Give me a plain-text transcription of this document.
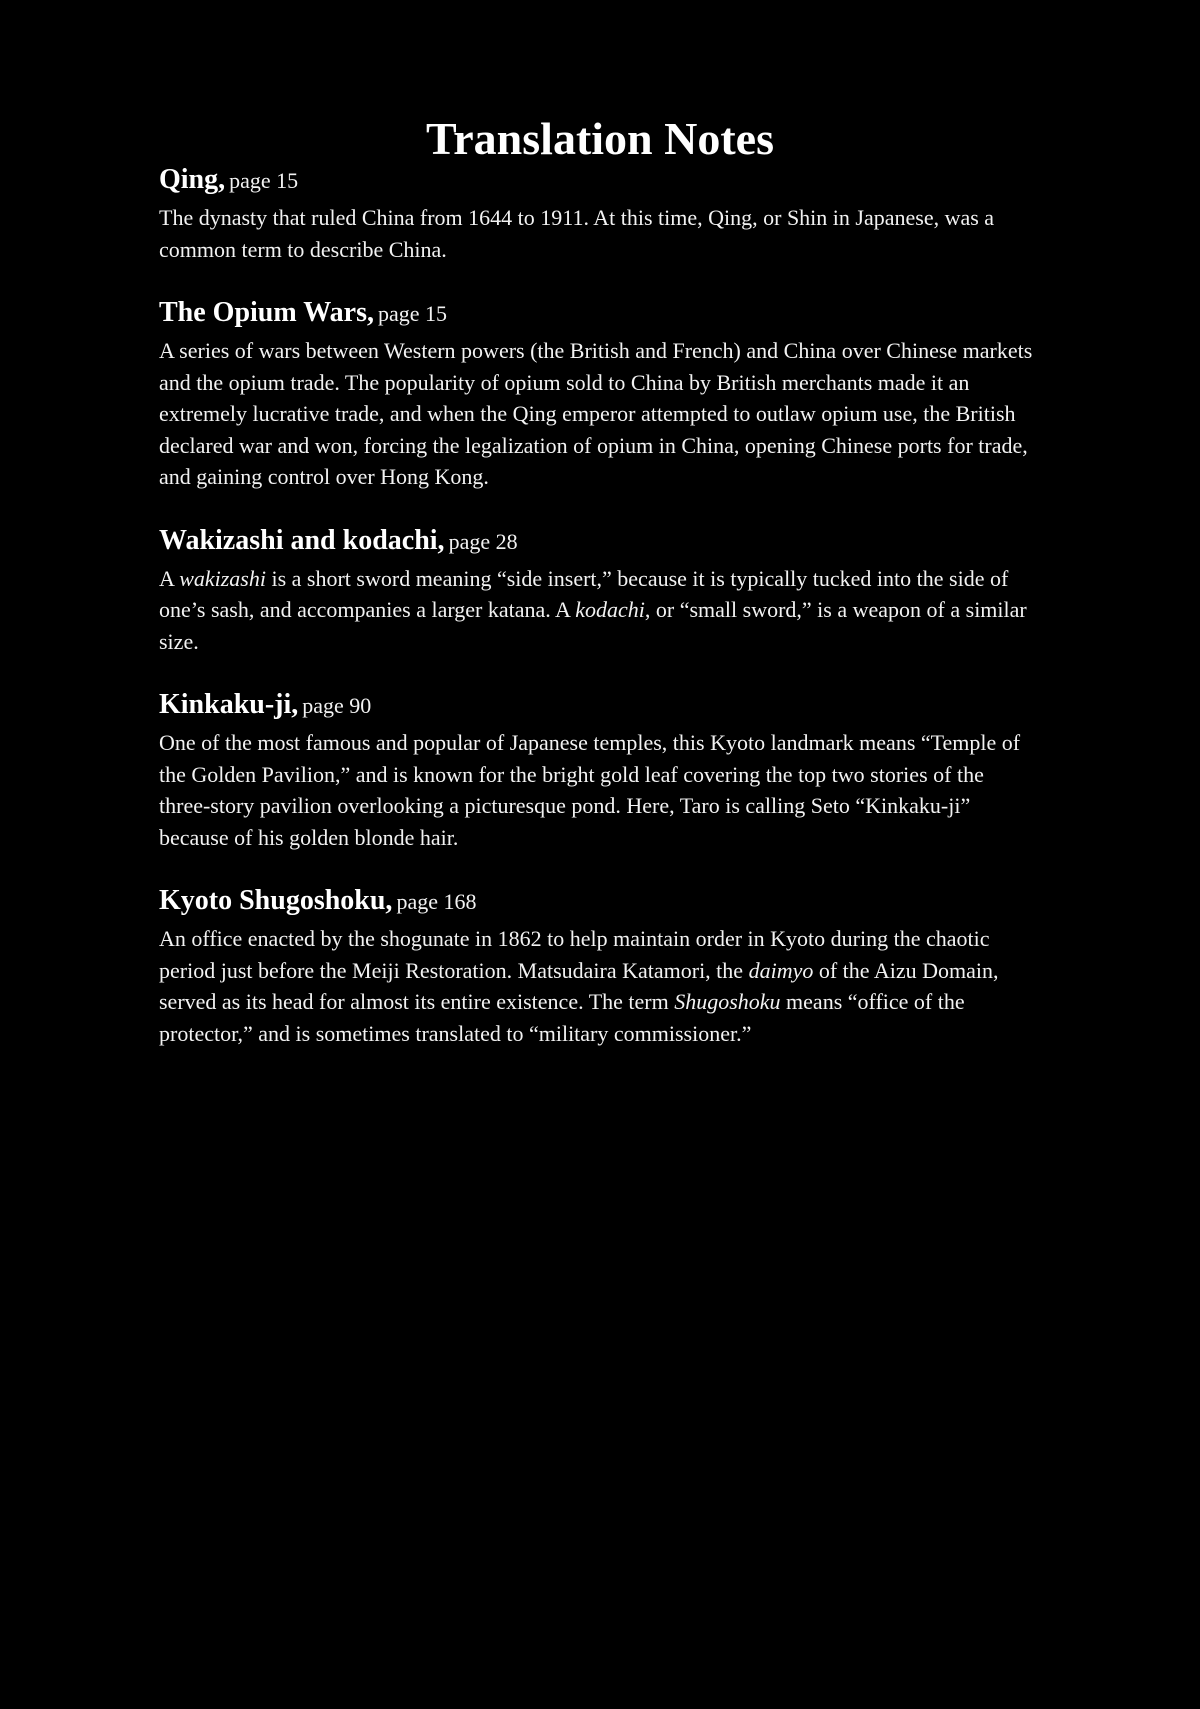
Translation Notes
Qing, page 15
The dynasty that ruled China from 1644 to 1911. At this time, Qing, or Shin in Japanese, was a common term to describe China.
The Opium Wars, page 15
A series of wars between Western powers (the British and French) and China over Chinese markets and the opium trade. The popularity of opium sold to China by British merchants made it an extremely lucrative trade, and when the Qing emperor attempted to outlaw opium use, the British declared war and won, forcing the legalization of opium in China, opening Chinese ports for trade, and gaining control over Hong Kong.
Wakizashi and kodachi, page 28
A wakizashi is a short sword meaning “side insert,” because it is typically tucked into the side of one’s sash, and accompanies a larger katana. A kodachi, or “small sword,” is a weapon of a similar size.
Kinkaku-ji, page 90
One of the most famous and popular of Japanese temples, this Kyoto landmark means “Temple of the Golden Pavilion,” and is known for the bright gold leaf covering the top two stories of the three-story pavilion overlooking a picturesque pond. Here, Taro is calling Seto “Kinkaku-ji” because of his golden blonde hair.
Kyoto Shugoshoku, page 168
An office enacted by the shogunate in 1862 to help maintain order in Kyoto during the chaotic period just before the Meiji Restoration. Matsudaira Katamori, the daimyo of the Aizu Domain, served as its head for almost its entire existence. The term Shugoshoku means “office of the protector,” and is sometimes translated to “military commissioner.”
